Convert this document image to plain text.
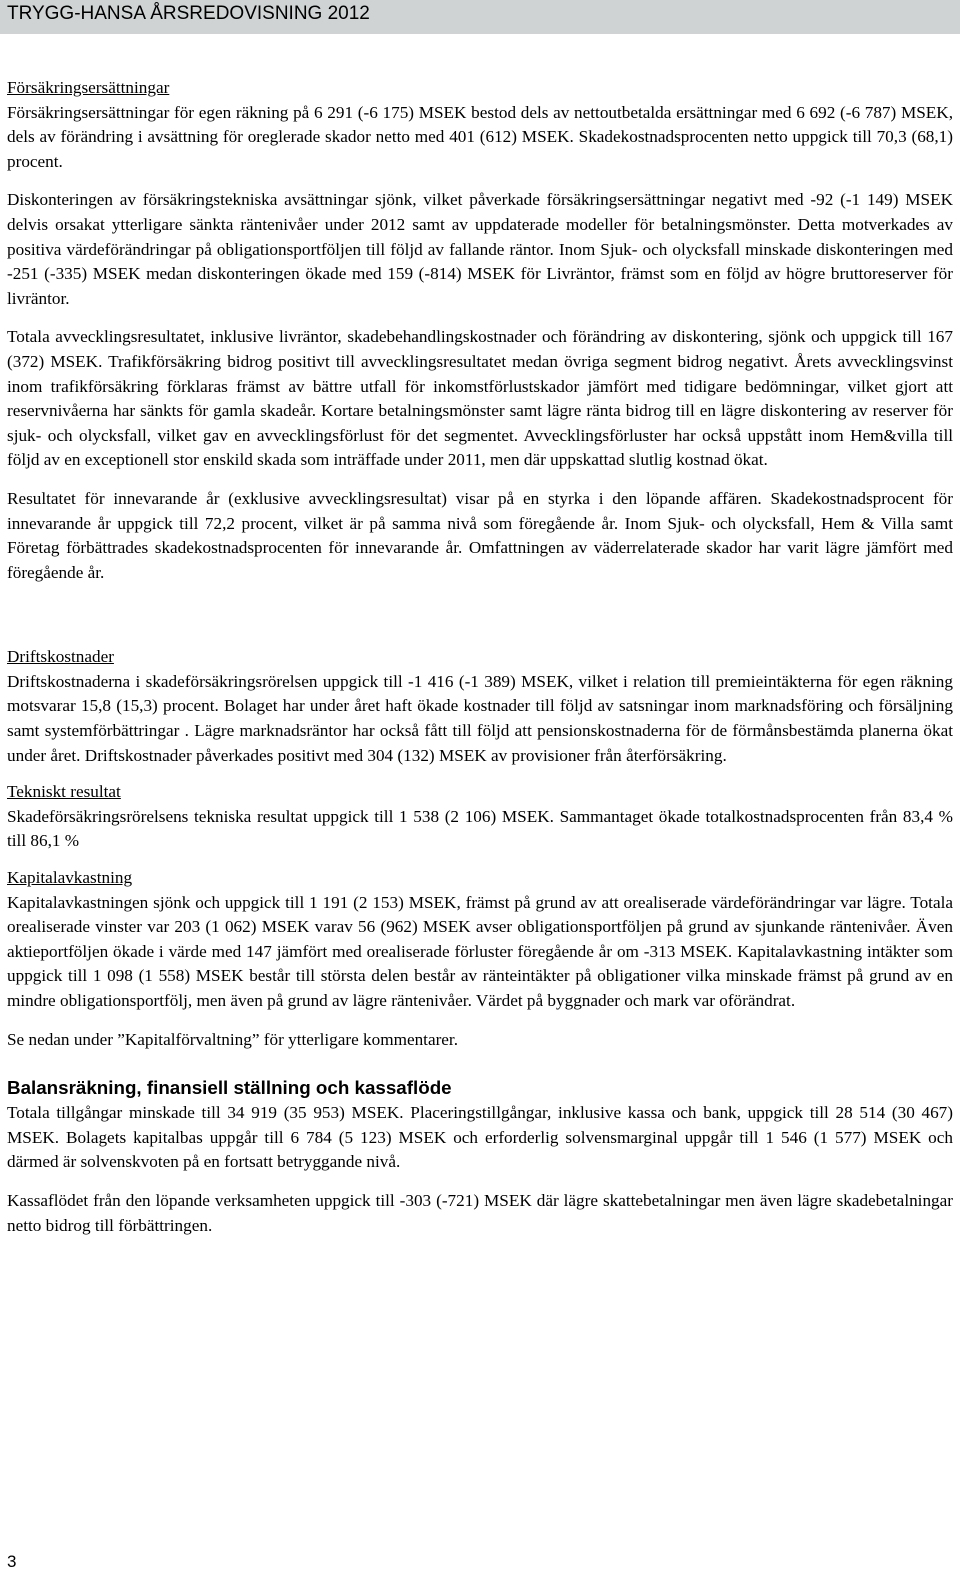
TRYGG-HANSA ÅRSREDOVISNING 2012

Försäkringsersättningar

Försäkringsersättningar för egen räkning på 6 291 (-6 175) MSEK bestod dels av nettoutbetalda ersättningar med 6 692 (-6 787) MSEK, dels av förändring i avsättning för oreglerade skador netto med 401 (612) MSEK. Skadekostnadsprocenten netto uppgick till 70,3 (68,1) procent.

Diskonteringen av försäkringstekniska avsättningar sjönk, vilket påverkade försäkringsersättningar negativt med -92 (-1 149) MSEK delvis orsakat ytterligare sänkta räntenivåer under 2012 samt av uppdaterade modeller för betalningsmönster. Detta motverkades av positiva värdeförändringar på obligationsportföljen till följd av fallande räntor. Inom Sjuk- och olycksfall minskade diskonteringen med -251 (-335) MSEK medan diskonteringen ökade med 159 (-814) MSEK för Livräntor, främst som en följd av högre bruttoreserver för livräntor.

Totala avvecklingsresultatet, inklusive livräntor, skadebehandlingskostnader och förändring av diskontering, sjönk och uppgick till 167 (372) MSEK. Trafikförsäkring bidrog positivt till avvecklingsresultatet medan övriga segment bidrog negativt. Årets avvecklingsvinst inom trafikförsäkring förklaras främst av bättre utfall för inkomstförlustskador jämfört med tidigare bedömningar, vilket gjort att reservnivåerna har sänkts för gamla skadeår. Kortare betalningsmönster samt lägre ränta bidrog till en lägre diskontering av reserver för sjuk- och olycksfall, vilket gav en avvecklingsförlust för det segmentet. Avvecklingsförluster har också uppstått inom Hem&villa till följd av en exceptionell stor enskild skada som inträffade under 2011, men där uppskattad slutlig kostnad ökat.

Resultatet för innevarande år (exklusive avvecklingsresultat) visar på en styrka i den löpande affären. Skadekostnadsprocent för innevarande år uppgick till 72,2 procent, vilket är på samma nivå som föregående år. Inom Sjuk- och olycksfall, Hem & Villa samt Företag förbättrades skadekostnadsprocenten för innevarande år. Omfattningen av väderrelaterade skador har varit lägre jämfört med föregående år.

Driftskostnader

Driftskostnaderna i skadeförsäkringsrörelsen uppgick till -1 416 (-1 389) MSEK, vilket i relation till premieintäkterna för egen räkning motsvarar 15,8 (15,3) procent. Bolaget har under året haft ökade kostnader till följd av satsningar inom marknadsföring och försäljning samt systemförbättringar . Lägre marknadsräntor har också fått till följd att pensionskostnaderna för de förmånsbestämda planerna ökat under året. Driftskostnader påverkades positivt med 304 (132) MSEK av provisioner från återförsäkring.

Tekniskt resultat

Skadeförsäkringsrörelsens tekniska resultat uppgick till 1 538 (2 106) MSEK. Sammantaget ökade totalkostnadsprocenten från 83,4 % till 86,1 %

Kapitalavkastning

Kapitalavkastningen sjönk och uppgick till 1 191 (2 153) MSEK, främst på grund av att orealiserade värdeförändringar var lägre. Totala orealiserade vinster var 203 (1 062) MSEK varav 56 (962) MSEK avser obligationsportföljen på grund av sjunkande räntenivåer. Även aktieportföljen ökade i värde med 147 jämfört med orealiserade förluster föregående år om -313 MSEK. Kapitalavkastning intäkter som uppgick till 1 098 (1 558) MSEK består till största delen består av ränteintäkter på obligationer vilka minskade främst på grund av en mindre obligationsportfölj, men även på grund av lägre räntenivåer. Värdet på byggnader och mark var oförändrat.

Se nedan under ”Kapitalförvaltning” för ytterligare kommentarer.

Balansräkning, finansiell ställning och kassaflöde

Totala tillgångar minskade till 34 919 (35 953) MSEK. Placeringstillgångar, inklusive kassa och bank, uppgick till 28 514 (30 467) MSEK. Bolagets kapitalbas uppgår till 6 784 (5 123) MSEK och erforderlig solvensmarginal uppgår till 1 546 (1 577) MSEK och därmed är solvenskvoten på en fortsatt betryggande nivå.

Kassaflödet från den löpande verksamheten uppgick till -303 (-721) MSEK där lägre skattebetalningar men även lägre skadebetalningar netto bidrog till förbättringen.

3
